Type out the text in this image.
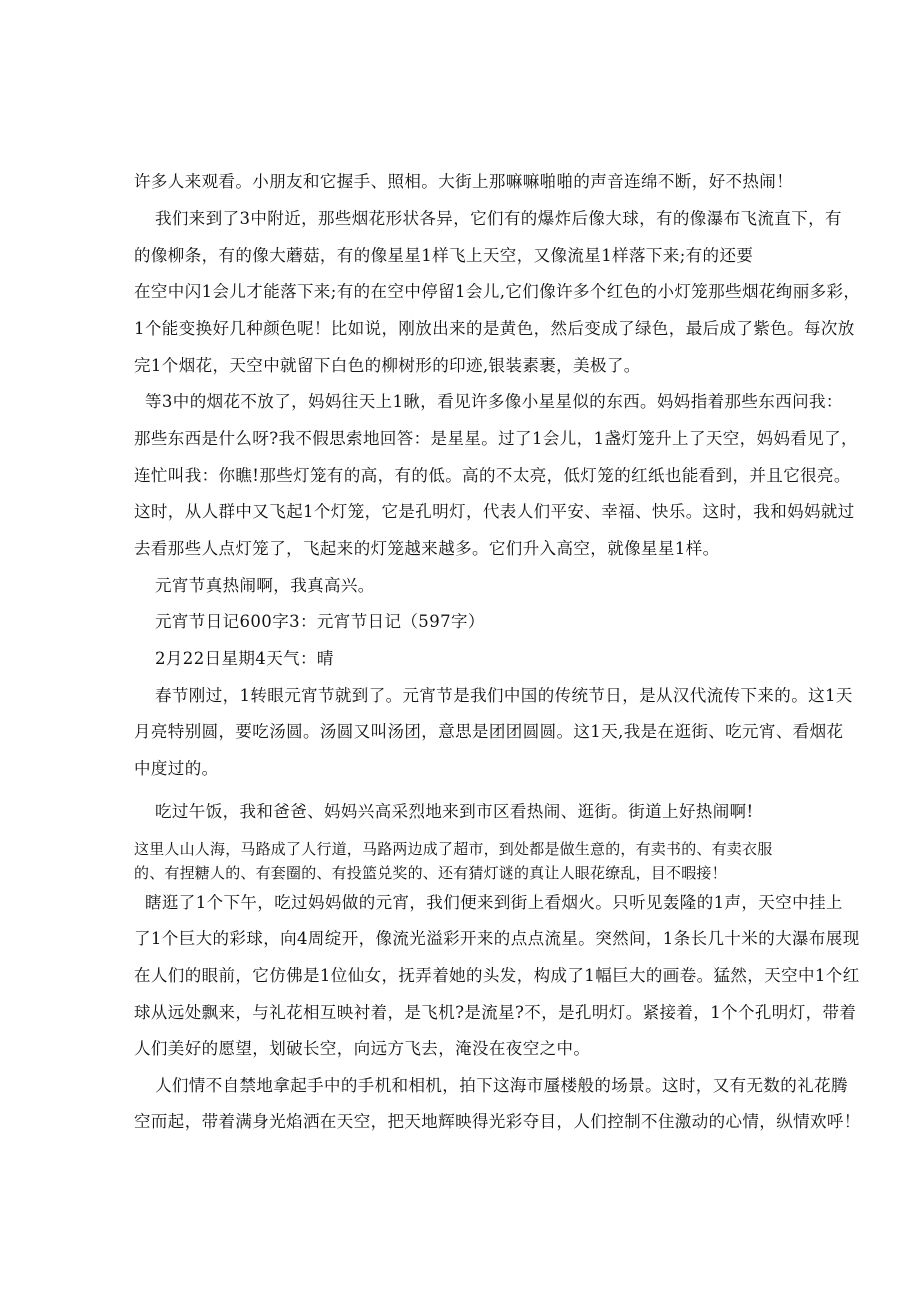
许多人来观看。小朋友和它握手、照相。大街上那嘛嘛啪啪的声音连绵不断，好不热闹！
我们来到了3中附近，那些烟花形状各异，它们有的爆炸后像大球，有的像瀑布飞流直下，有
的像柳条，有的像大蘑菇，有的像星星1样飞上天空，又像流星1样落下来;有的还要
在空中闪1会儿才能落下来;有的在空中停留1会儿,它们像许多个红色的小灯笼那些烟花绚丽多彩，
1个能变换好几种颜色呢！比如说，刚放出来的是黄色，然后变成了绿色，最后成了紫色。每次放
完1个烟花，天空中就留下白色的柳树形的印迹,银装素裹，美极了。
等3中的烟花不放了，妈妈往天上1瞅，看见许多像小星星似的东西。妈妈指着那些东西问我：
那些东西是什么呀?我不假思索地回答：是星星。过了1会儿，1盏灯笼升上了天空，妈妈看见了，
连忙叫我：你瞧!那些灯笼有的高，有的低。高的不太亮，低灯笼的红纸也能看到，并且它很亮。
这时，从人群中又飞起1个灯笼，它是孔明灯，代表人们平安、幸福、快乐。这时，我和妈妈就过
去看那些人点灯笼了，飞起来的灯笼越来越多。它们升入高空，就像星星1样。
元宵节真热闹啊，我真高兴。
元宵节日记600字3：元宵节日记（597字）
2月22日星期4天气：晴
春节刚过，1转眼元宵节就到了。元宵节是我们中国的传统节日，是从汉代流传下来的。这1天
月亮特别圆，要吃汤圆。汤圆又叫汤团，意思是团团圆圆。这1天,我是在逛街、吃元宵、看烟花
中度过的。
吃过午饭，我和爸爸、妈妈兴高采烈地来到市区看热闹、逛街。街道上好热闹啊!
这里人山人海，马路成了人行道，马路两边成了超市，到处都是做生意的，有卖书的、有卖衣服
的、有捏糖人的、有套圈的、有投篮兑奖的、还有猜灯谜的真让人眼花缭乱，目不暇接！
瞎逛了1个下午，吃过妈妈做的元宵，我们便来到街上看烟火。只听见轰隆的1声，天空中挂上
了1个巨大的彩球，向4周绽开，像流光溢彩开来的点点流星。突然间，1条长几十米的大瀑布展现
在人们的眼前，它仿佛是1位仙女，抚弄着她的头发，构成了1幅巨大的画卷。猛然，天空中1个红
球从远处飘来，与礼花相互映衬着，是飞机?是流星?不，是孔明灯。紧接着，1个个孔明灯，带着
人们美好的愿望，划破长空，向远方飞去，淹没在夜空之中。
人们情不自禁地拿起手中的手机和相机，拍下这海市蜃楼般的场景。这时，又有无数的礼花腾
空而起，带着满身光焰洒在天空，把天地辉映得光彩夺目，人们控制不住激动的心情，纵情欢呼！
